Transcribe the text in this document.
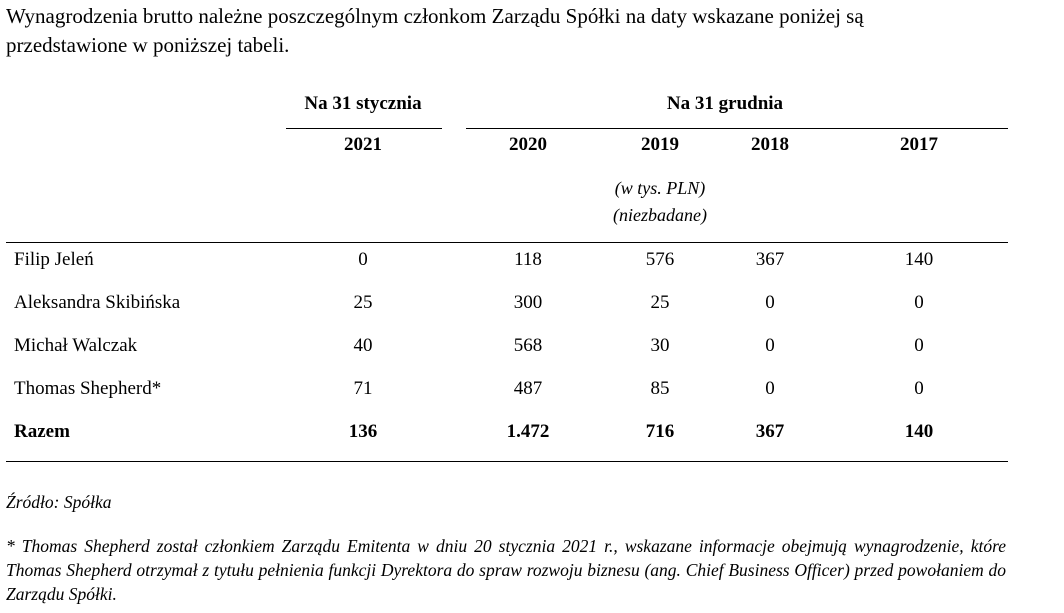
Wynagrodzenia brutto należne poszczególnym członkom Zarządu Spółki na daty wskazane poniżej są
przedstawione w poniższej tabeli.
Na 31 stycznia	Na 31 grudnia
2021	2020	2019	2018	2017
(w tys. PLN)
(niezbadane)
Filip Jeleń	0	118	576	367	140
Aleksandra Skibińska	25	300	25	0	0
Michał Walczak	40	568	30	0	0
Thomas Shepherd*	71	487	85	0	0
Razem	136	1.472	716	367	140
Źródło: Spółka
* Thomas Shepherd został członkiem Zarządu Emitenta w dniu 20 stycznia 2021 r., wskazane informacje obejmują wynagrodzenie, które Thomas Shepherd otrzymał z tytułu pełnienia funkcji Dyrektora do spraw rozwoju biznesu (ang. Chief Business Officer) przed powołaniem do Zarządu Spółki.
